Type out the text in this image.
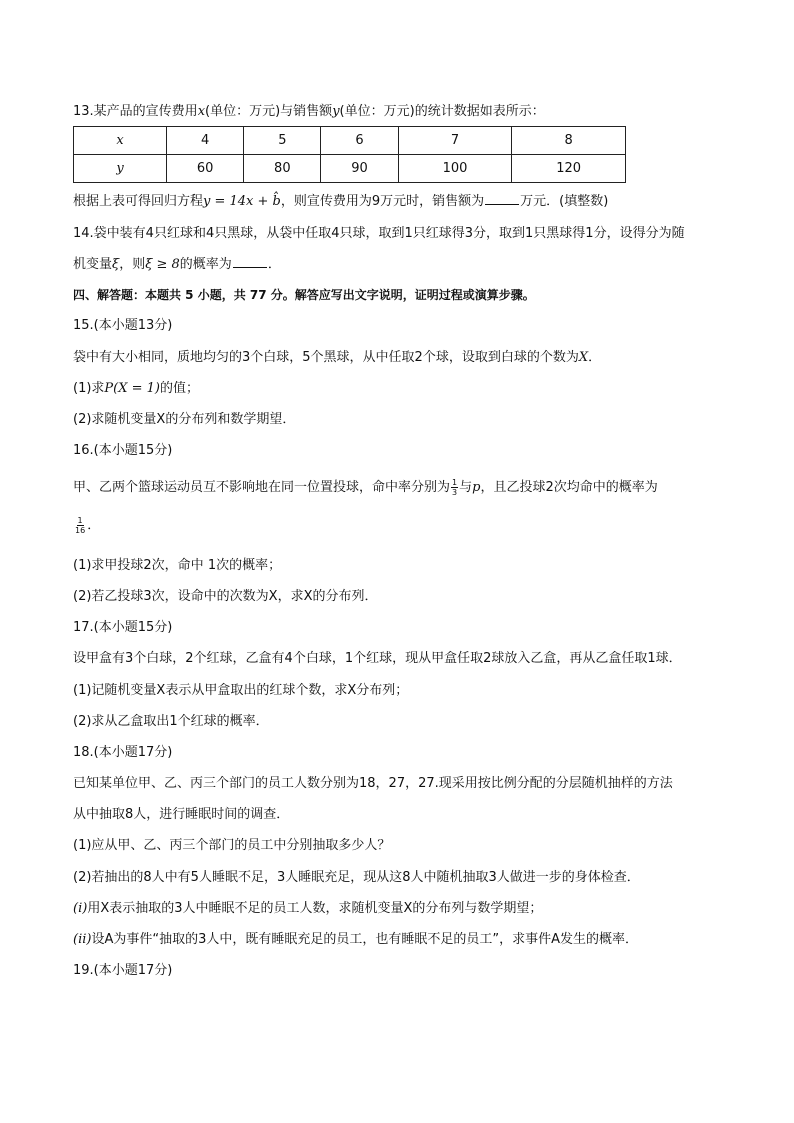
13.某产品的宣传费用x(单位：万元)与销售额y(单位：万元)的统计数据如表所示：
x	4	5	6	7	8
y	60	80	90	100	120
根据上表可得回归方程y = 14x + b̂，则宣传费用为9万元时，销售额为	万元．(填整数)
14.袋中装有4只红球和4只黑球，从袋中任取4只球，取到1只红球得3分，取到1只黑球得1分，设得分为随
机变量ξ，则ξ ≥ 8的概率为	．
四、解答题：本题共 5 小题，共 77 分。解答应写出文字说明，证明过程或演算步骤。
15.(本小题13分)
袋中有大小相同，质地均匀的3个白球，5个黑球，从中任取2个球，设取到白球的个数为X．
(1)求P(X = 1)的值；
(2)求随机变量X的分布列和数学期望．
16.(本小题15分)
甲、乙两个篮球运动员互不影响地在同一位置投球，命中率分别为 $\frac{1}{3}$ 与p，且乙投球2次均命中的概率为
$\frac{1}{16}$ ．
(1)求甲投球2次，命中 1次的概率；
(2)若乙投球3次，设命中的次数为X，求X的分布列．
17.(本小题15分)
设甲盒有3个白球，2个红球，乙盒有4个白球，1个红球，现从甲盒任取2球放入乙盒，再从乙盒任取1球．
(1)记随机变量X表示从甲盒取出的红球个数，求X分布列；
(2)求从乙盒取出1个红球的概率．
18.(本小题17分)
已知某单位甲、乙、丙三个部门的员工人数分别为18，27，27.现采用按比例分配的分层随机抽样的方法
从中抽取8人，进行睡眠时间的调查．
(1)应从甲、乙、丙三个部门的员工中分别抽取多少人？
(2)若抽出的8人中有5人睡眠不足，3人睡眠充足，现从这8人中随机抽取3人做进一步的身体检查．
(i)用X表示抽取的3人中睡眠不足的员工人数，求随机变量X的分布列与数学期望；
(ii)设A为事件“抽取的3人中，既有睡眠充足的员工，也有睡眠不足的员工”，求事件A发生的概率．
19.(本小题17分)
